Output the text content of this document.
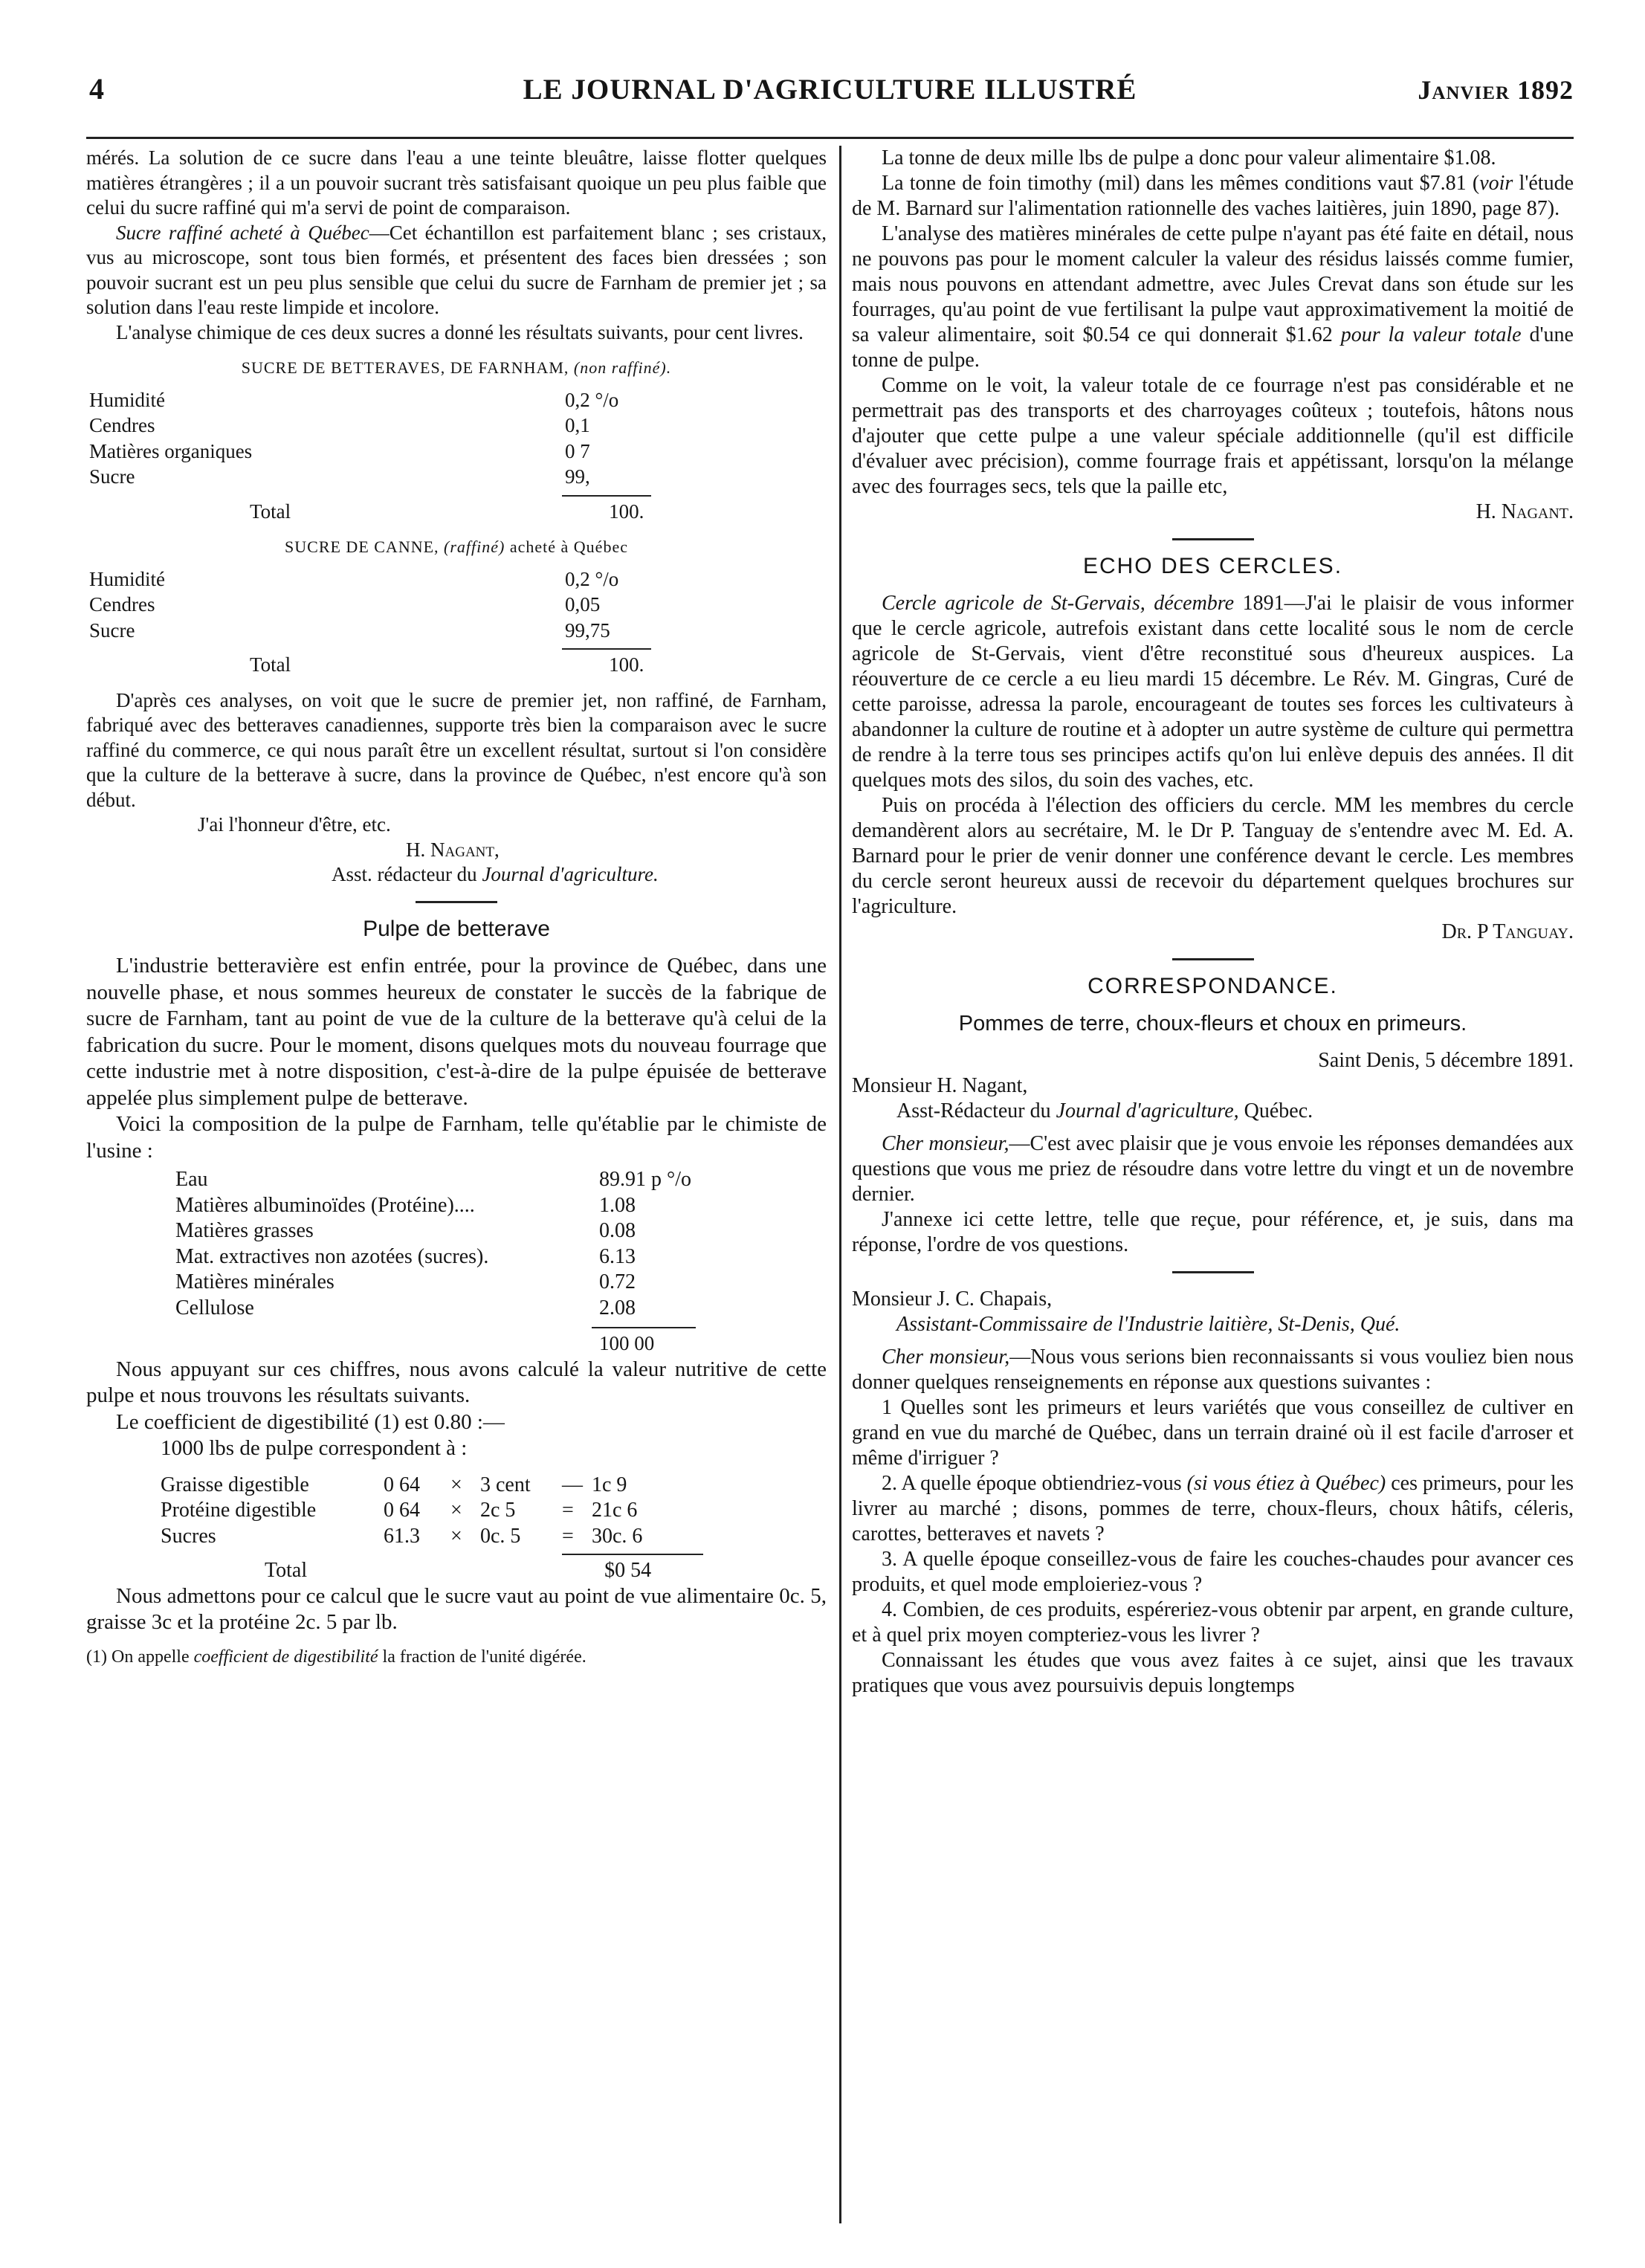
4	LE JOURNAL D'AGRICULTURE ILLUSTRÉ	Janvier 1892

mérés. La solution de ce sucre dans l'eau a une teinte bleuâtre, laisse flotter quelques matières étrangères ; il a un pouvoir sucrant très satisfaisant quoique un peu plus faible que celui du sucre raffiné qui m'a servi de point de comparaison.

Sucre raffiné acheté à Québec—Cet échantillon est parfaitement blanc ; ses cristaux, vus au microscope, sont tous bien formés, et présentent des faces bien dressées ; son pouvoir sucrant est un peu plus sensible que celui du sucre de Farnham de premier jet ; sa solution dans l'eau reste limpide et incolore.

L'analyse chimique de ces deux sucres a donné les résultats suivants, pour cent livres.

SUCRE DE BETTERAVES, DE FARNHAM, (non raffiné).
Humidité	0,2 °/o
Cendres	0,1
Matières organiques	0 7
Sucre	99,
Total	100.
SUCRE DE CANNE, (raffiné) acheté à Québec
Humidité	0,2 °/o
Cendres	0,05
Sucre	99,75
Total	100.

D'après ces analyses, on voit que le sucre de premier jet, non raffiné, de Farnham, fabriqué avec des betteraves canadiennes, supporte très bien la comparaison avec le sucre raffiné du commerce, ce qui nous paraît être un excellent résultat, surtout si l'on considère que la culture de la betterave à sucre, dans la province de Québec, n'est encore qu'à son début.

J'ai l'honneur d'être, etc.

H. Nagant,

Asst. rédacteur du Journal d'agriculture.

Pulpe de betterave

L'industrie betteravière est enfin entrée, pour la province de Québec, dans une nouvelle phase, et nous sommes heureux de constater le succès de la fabrique de sucre de Farnham, tant au point de vue de la culture de la betterave qu'à celui de la fabrication du sucre. Pour le moment, disons quelques mots du nouveau fourrage que cette industrie met à notre disposition, c'est-à-dire de la pulpe épuisée de betterave appelée plus simplement pulpe de betterave.

Voici la composition de la pulpe de Farnham, telle qu'établie par le chimiste de l'usine :

Eau	89.91 p °/o
Matières albuminoïdes (Protéine)....	1.08
Matières grasses	0.08
Mat. extractives non azotées (sucres).	6.13
Matières minérales	0.72
Cellulose	2.08
100 00

Nous appuyant sur ces chiffres, nous avons calculé la valeur nutritive de cette pulpe et nous trouvons les résultats suivants.

Le coefficient de digestibilité (1) est 0.80 :—

1000 lbs de pulpe correspondent à :

Graisse digestible	0 64	×	3 cent	—	1c 9
Protéine digestible	0 64	×	2c 5	=	21c 6
Sucres	61.3	×	0c. 5	=	30c. 6
Total	$0 54

Nous admettons pour ce calcul que le sucre vaut au point de vue alimentaire 0c. 5, graisse 3c et la protéine 2c. 5 par lb.

(1) On appelle coefficient de digestibilité la fraction de l'unité digérée.

La tonne de deux mille lbs de pulpe a donc pour valeur alimentaire $1.08.

La tonne de foin timothy (mil) dans les mêmes conditions vaut $7.81 (voir l'étude de M. Barnard sur l'alimentation rationnelle des vaches laitières, juin 1890, page 87).

L'analyse des matières minérales de cette pulpe n'ayant pas été faite en détail, nous ne pouvons pas pour le moment calculer la valeur des résidus laissés comme fumier, mais nous pouvons en attendant admettre, avec Jules Crevat dans son étude sur les fourrages, qu'au point de vue fertilisant la pulpe vaut approximativement la moitié de sa valeur alimentaire, soit $0.54 ce qui donnerait $1.62 pour la valeur totale d'une tonne de pulpe.

Comme on le voit, la valeur totale de ce fourrage n'est pas considérable et ne permettrait pas des transports et des charroyages coûteux ; toutefois, hâtons nous d'ajouter que cette pulpe a une valeur spéciale additionnelle (qu'il est difficile d'évaluer avec précision), comme fourrage frais et appétissant, lorsqu'on la mélange avec des fourrages secs, tels que la paille etc,

H. Nagant.

ECHO DES CERCLES.

Cercle agricole de St-Gervais, décembre 1891—J'ai le plaisir de vous informer que le cercle agricole, autrefois existant dans cette localité sous le nom de cercle agricole de St-Gervais, vient d'être reconstitué sous d'heureux auspices. La réouverture de ce cercle a eu lieu mardi 15 décembre. Le Rév. M. Gingras, Curé de cette paroisse, adressa la parole, encourageant de toutes ses forces les cultivateurs à abandonner la culture de routine et à adopter un autre système de culture qui permettra de rendre à la terre tous ses principes actifs qu'on lui enlève depuis des années. Il dit quelques mots des silos, du soin des vaches, etc.

Puis on procéda à l'élection des officiers du cercle. MM les membres du cercle demandèrent alors au secrétaire, M. le Dr P. Tanguay de s'entendre avec M. Ed. A. Barnard pour le prier de venir donner une conférence devant le cercle. Les membres du cercle seront heureux aussi de recevoir du département quelques brochures sur l'agriculture.

Dr. P Tanguay.

CORRESPONDANCE.
Pommes de terre, choux-fleurs et choux en primeurs.

Saint Denis, 5 décembre 1891.

Monsieur H. Nagant,

Asst-Rédacteur du Journal d'agriculture, Québec.

Cher monsieur,—C'est avec plaisir que je vous envoie les réponses demandées aux questions que vous me priez de résoudre dans votre lettre du vingt et un de novembre dernier.

J'annexe ici cette lettre, telle que reçue, pour référence, et, je suis, dans ma réponse, l'ordre de vos questions.

Monsieur J. C. Chapais,

Assistant-Commissaire de l'Industrie laitière, St-Denis, Qué.

Cher monsieur,—Nous vous serions bien reconnaissants si vous vouliez bien nous donner quelques renseignements en réponse aux questions suivantes :

1 Quelles sont les primeurs et leurs variétés que vous conseillez de cultiver en grand en vue du marché de Québec, dans un terrain drainé où il est facile d'arroser et même d'irriguer ?

2. A quelle époque obtiendriez-vous (si vous étiez à Québec) ces primeurs, pour les livrer au marché ; disons, pommes de terre, choux-fleurs, choux hâtifs, céleris, carottes, betteraves et navets ?

3. A quelle époque conseillez-vous de faire les couches-chaudes pour avancer ces produits, et quel mode emploieriez-vous ?

4. Combien, de ces produits, espéreriez-vous obtenir par arpent, en grande culture, et à quel prix moyen compteriez-vous les livrer ?

Connaissant les études que vous avez faites à ce sujet, ainsi que les travaux pratiques que vous avez poursuivis depuis longtemps
